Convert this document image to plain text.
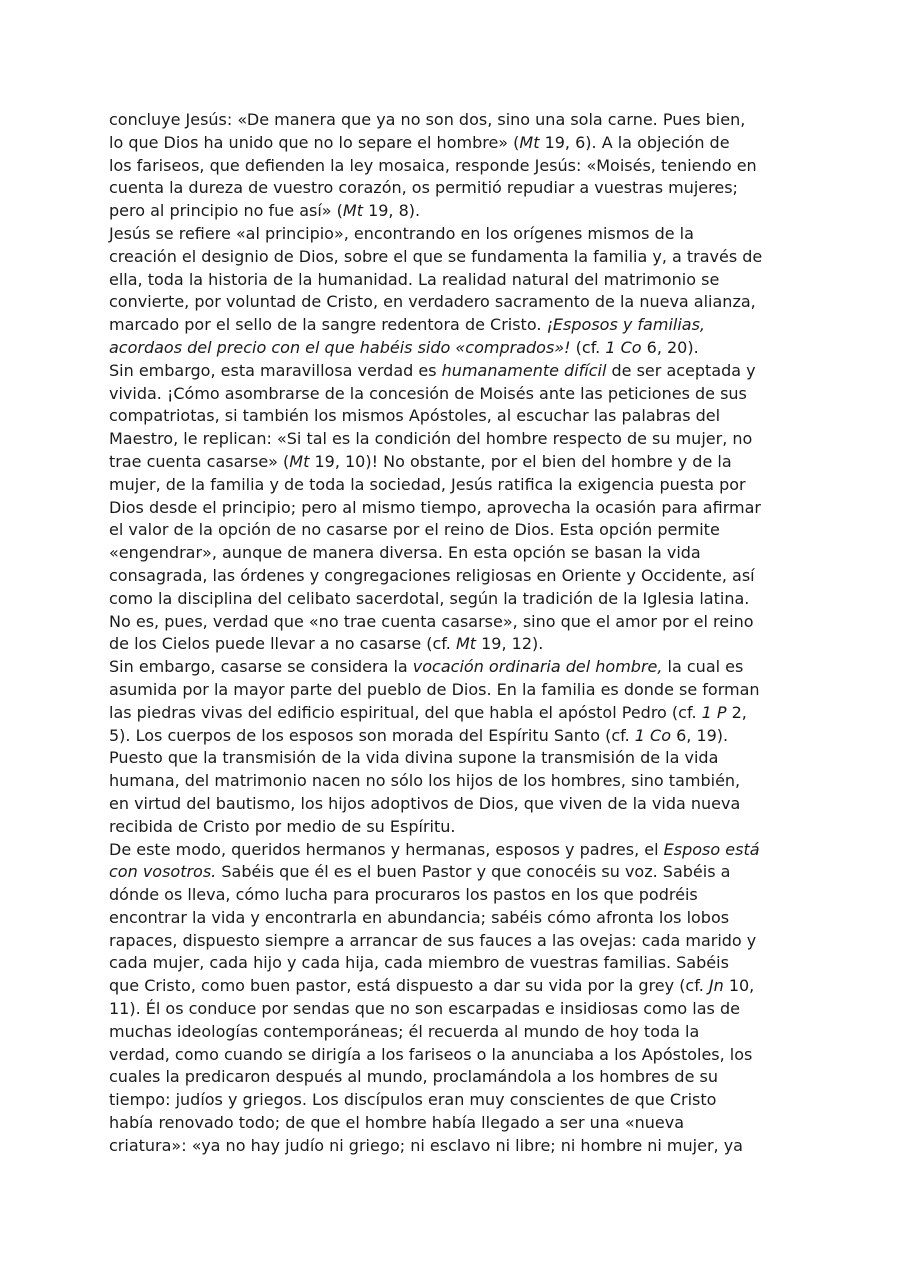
concluye Jesús: «De manera que ya no son dos, sino una sola carne. Pues bien,
lo que Dios ha unido que no lo separe el hombre» (Mt 19, 6). A la objeción de
los fariseos, que defienden la ley mosaica, responde Jesús: «Moisés, teniendo en
cuenta la dureza de vuestro corazón, os permitió repudiar a vuestras mujeres;
pero al principio no fue así» (Mt 19, 8).
Jesús se refiere «al principio», encontrando en los orígenes mismos de la
creación el designio de Dios, sobre el que se fundamenta la familia y, a través de
ella, toda la historia de la humanidad. La realidad natural del matrimonio se
convierte, por voluntad de Cristo, en verdadero sacramento de la nueva alianza,
marcado por el sello de la sangre redentora de Cristo. ¡Esposos y familias,
acordaos del precio con el que habéis sido «comprados»! (cf. 1 Co 6, 20).
Sin embargo, esta maravillosa verdad es humanamente difícil de ser aceptada y
vivida. ¡Cómo asombrarse de la concesión de Moisés ante las peticiones de sus
compatriotas, si también los mismos Apóstoles, al escuchar las palabras del
Maestro, le replican: «Si tal es la condición del hombre respecto de su mujer, no
trae cuenta casarse» (Mt 19, 10)! No obstante, por el bien del hombre y de la
mujer, de la familia y de toda la sociedad, Jesús ratifica la exigencia puesta por
Dios desde el principio; pero al mismo tiempo, aprovecha la ocasión para afirmar
el valor de la opción de no casarse por el reino de Dios. Esta opción permite
«engendrar», aunque de manera diversa. En esta opción se basan la vida
consagrada, las órdenes y congregaciones religiosas en Oriente y Occidente, así
como la disciplina del celibato sacerdotal, según la tradición de la Iglesia latina.
No es, pues, verdad que «no trae cuenta casarse», sino que el amor por el reino
de los Cielos puede llevar a no casarse (cf. Mt 19, 12).
Sin embargo, casarse se considera la vocación ordinaria del hombre, la cual es
asumida por la mayor parte del pueblo de Dios. En la familia es donde se forman
las piedras vivas del edificio espiritual, del que habla el apóstol Pedro (cf. 1 P 2,
5). Los cuerpos de los esposos son morada del Espíritu Santo (cf. 1 Co 6, 19).
Puesto que la transmisión de la vida divina supone la transmisión de la vida
humana, del matrimonio nacen no sólo los hijos de los hombres, sino también,
en virtud del bautismo, los hijos adoptivos de Dios, que viven de la vida nueva
recibida de Cristo por medio de su Espíritu.
De este modo, queridos hermanos y hermanas, esposos y padres, el Esposo está
con vosotros. Sabéis que él es el buen Pastor y que conocéis su voz. Sabéis a
dónde os lleva, cómo lucha para procuraros los pastos en los que podréis
encontrar la vida y encontrarla en abundancia; sabéis cómo afronta los lobos
rapaces, dispuesto siempre a arrancar de sus fauces a las ovejas: cada marido y
cada mujer, cada hijo y cada hija, cada miembro de vuestras familias. Sabéis
que Cristo, como buen pastor, está dispuesto a dar su vida por la grey (cf. Jn 10,
11). Él os conduce por sendas que no son escarpadas e insidiosas como las de
muchas ideologías contemporáneas; él recuerda al mundo de hoy toda la
verdad, como cuando se dirigía a los fariseos o la anunciaba a los Apóstoles, los
cuales la predicaron después al mundo, proclamándola a los hombres de su
tiempo: judíos y griegos. Los discípulos eran muy conscientes de que Cristo
había renovado todo; de que el hombre había llegado a ser una «nueva
criatura»: «ya no hay judío ni griego; ni esclavo ni libre; ni hombre ni mujer, ya
